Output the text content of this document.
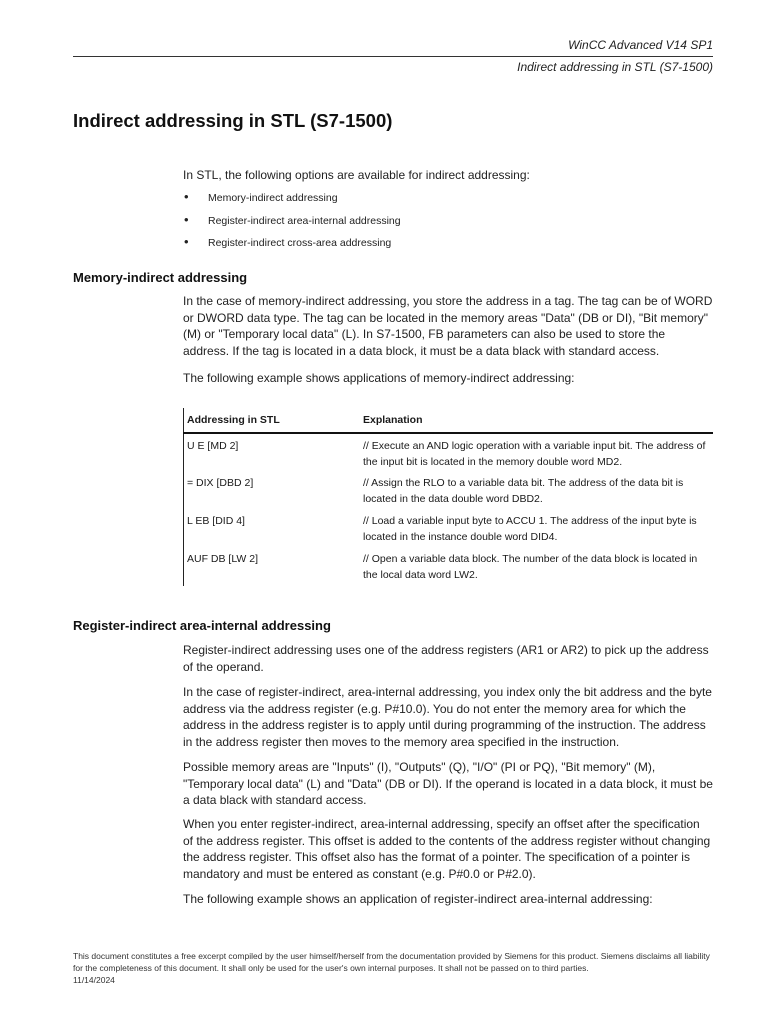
WinCC Advanced V14 SP1
Indirect addressing in STL (S7-1500)
Indirect addressing in STL (S7-1500)
In STL, the following options are available for indirect addressing:
• Memory-indirect addressing
• Register-indirect area-internal addressing
• Register-indirect cross-area addressing
Memory-indirect addressing

In the case of memory-indirect addressing, you store the address in a tag. The tag can be of WORD or DWORD data type. The tag can be located in the memory areas "Data" (DB or DI), "Bit memory" (M) or "Temporary local data" (L). In S7-1500, FB parameters can also be used to store the address. If the tag is located in a data block, it must be a data black with standard access.

The following example shows applications of memory-indirect addressing:

Addressing in STL	Explanation
U E [MD 2]	// Execute an AND logic operation with a variable input bit. The address of the input bit is located in the memory double word MD2.
= DIX [DBD 2]	// Assign the RLO to a variable data bit. The address of the data bit is located in the data double word DBD2.
L EB [DID 4]	// Load a variable input byte to ACCU 1. The address of the input byte is located in the instance double word DID4.
AUF DB [LW 2]	// Open a variable data block. The number of the data block is located in the local data word LW2.
Register-indirect area-internal addressing

Register-indirect addressing uses one of the address registers (AR1 or AR2) to pick up the address of the operand.

In the case of register-indirect, area-internal addressing, you index only the bit address and the byte address via the address register (e.g. P#10.0). You do not enter the memory area for which the address in the address register is to apply until during programming of the instruction. The address in the address register then moves to the memory area specified in the instruction.

Possible memory areas are "Inputs" (I), "Outputs" (Q), "I/O" (PI or PQ), "Bit memory" (M), "Temporary local data" (L) and "Data" (DB or DI). If the operand is located in a data block, it must be a data black with standard access.

When you enter register-indirect, area-internal addressing, specify an offset after the specification of the address register. This offset is added to the contents of the address register without changing the address register. This offset also has the format of a pointer. The specification of a pointer is mandatory and must be entered as constant (e.g. P#0.0 or P#2.0).

The following example shows an application of register-indirect area-internal addressing:

This document constitutes a free excerpt compiled by the user himself/herself from the documentation provided by Siemens for this product. Siemens disclaims all liability for the completeness of this document. It shall only be used for the user's own internal purposes. It shall not be passed on to third parties.
11/14/2024
